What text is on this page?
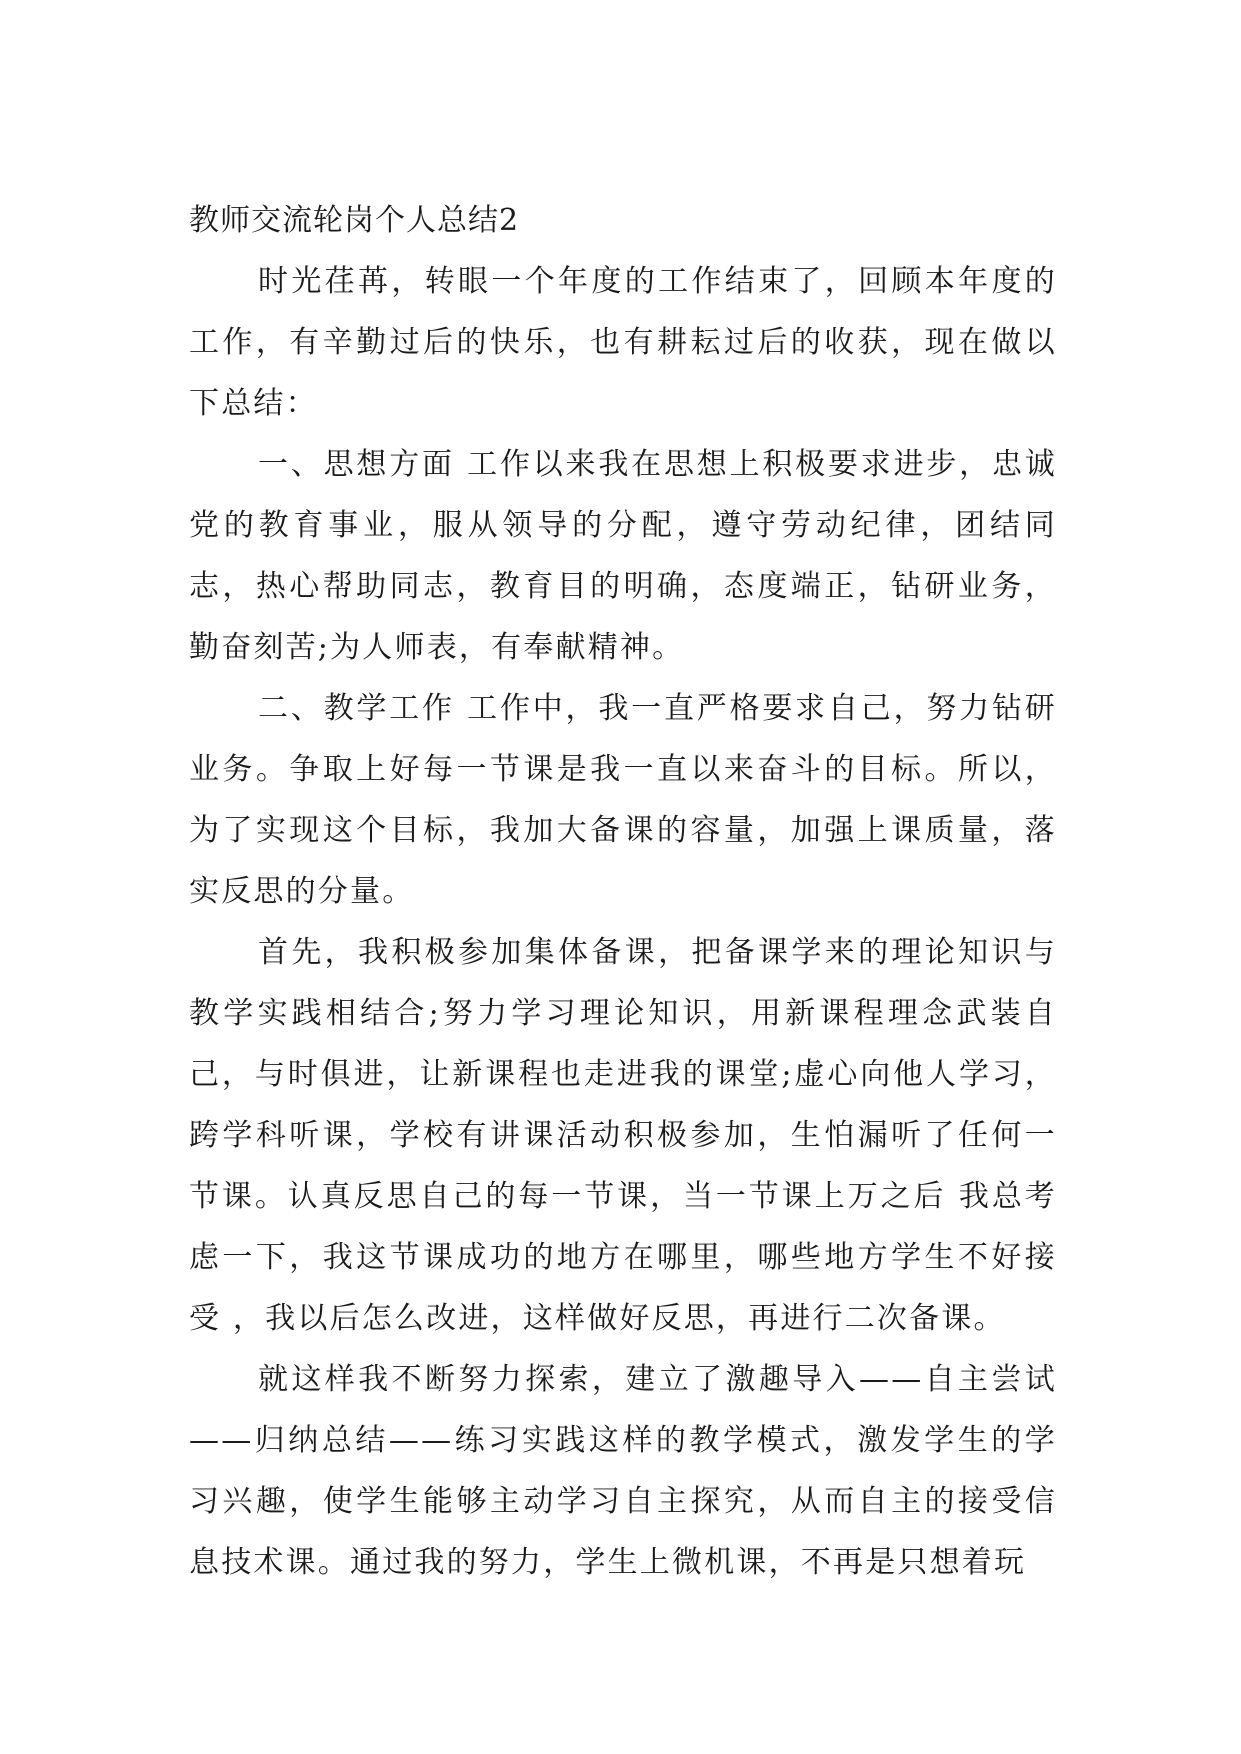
教师交流轮岗个人总结2

时光荏苒，转眼一个年度的工作结束了，回顾本年度的工作，有辛勤过后的快乐，也有耕耘过后的收获，现在做以下总结：

一、思想方面 工作以来我在思想上积极要求进步，忠诚党的教育事业，服从领导的分配，遵守劳动纪律，团结同志，热心帮助同志，教育目的明确，态度端正，钻研业务，勤奋刻苦;为人师表，有奉献精神。

二、教学工作 工作中，我一直严格要求自己，努力钻研业务。争取上好每一节课是我一直以来奋斗的目标。所以，为了实现这个目标，我加大备课的容量，加强上课质量，落实反思的分量。

首先，我积极参加集体备课，把备课学来的理论知识与教学实践相结合;努力学习理论知识，用新课程理念武装自己，与时俱进，让新课程也走进我的课堂;虚心向他人学习，跨学科听课，学校有讲课活动积极参加，生怕漏听了任何一节课。认真反思自己的每一节课，当一节课上万之后 我总考虑一下，我这节课成功的地方在哪里，哪些地方学生不好接受 ，我以后怎么改进，这样做好反思，再进行二次备课。

就这样我不断努力探索，建立了激趣导入——自主尝试——归纳总结——练习实践这样的教学模式，激发学生的学习兴趣，使学生能够主动学习自主探究，从而自主的接受信息技术课。通过我的努力，学生上微机课，不再是只想着玩
